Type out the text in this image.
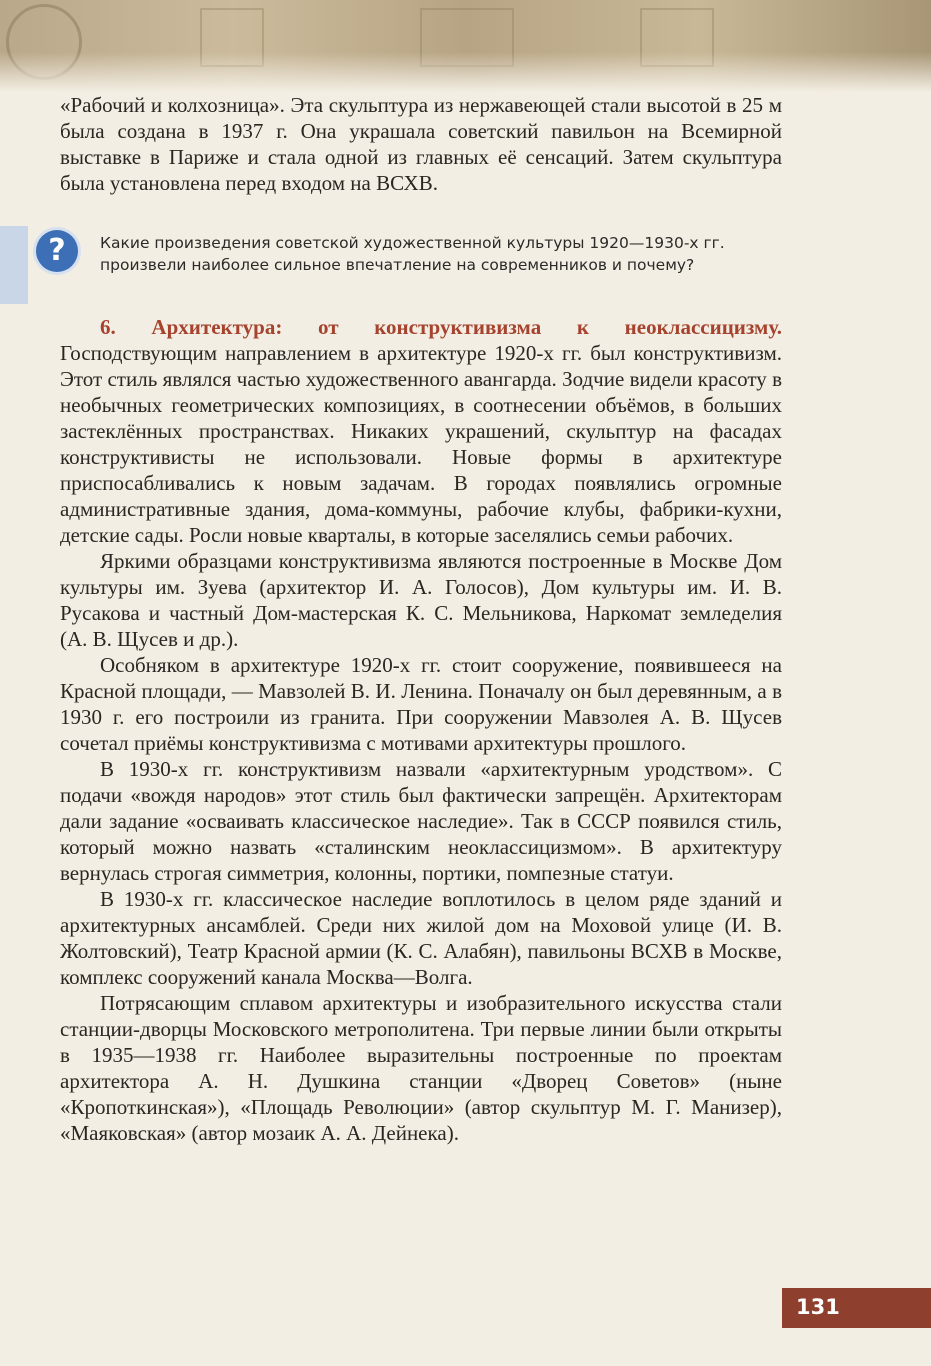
«Рабочий и колхозница». Эта скульптура из нержавеющей стали высотой в 25 м была создана в 1937 г. Она украшала советский павильон на Всемирной выставке в Париже и стала одной из главных её сенсаций. Затем скульптура была установлена перед входом на ВСХВ.

?	Какие произведения советской художественной культуры 1920—1930-х гг. произвели наиболее сильное впечатление на современников и почему?

6. Архитектура: от конструктивизма к неоклассицизму. Господствующим направлением в архитектуре 1920-х гг. был конструктивизм. Этот стиль являлся частью художественного авангарда. Зодчие видели красоту в необычных геометрических композициях, в соотнесении объёмов, в больших застеклённых пространствах. Никаких украшений, скульптур на фасадах конструктивисты не использовали. Новые формы в архитектуре приспосабливались к новым задачам. В городах появлялись огромные административные здания, дома-коммуны, рабочие клубы, фабрики-кухни, детские сады. Росли новые кварталы, в которые заселялись семьи рабочих.

Яркими образцами конструктивизма являются построенные в Москве Дом культуры им. Зуева (архитектор И. А. Голосов), Дом культуры им. И. В. Русакова и частный Дом-мастерская К. С. Мельникова, Наркомат земледелия (А. В. Щусев и др.).

Особняком в архитектуре 1920-х гг. стоит сооружение, появившееся на Красной площади, — Мавзолей В. И. Ленина. Поначалу он был деревянным, а в 1930 г. его построили из гранита. При сооружении Мавзолея А. В. Щусев сочетал приёмы конструктивизма с мотивами архитектуры прошлого.

В 1930-х гг. конструктивизм назвали «архитектурным уродством». С подачи «вождя народов» этот стиль был фактически запрещён. Архитекторам дали задание «осваивать классическое наследие». Так в СССР появился стиль, который можно назвать «сталинским неоклассицизмом». В архитектуру вернулась строгая симметрия, колонны, портики, помпезные статуи.

В 1930-х гг. классическое наследие воплотилось в целом ряде зданий и архитектурных ансамблей. Среди них жилой дом на Моховой улице (И. В. Жолтовский), Театр Красной армии (К. С. Алабян), павильоны ВСХВ в Москве, комплекс сооружений канала Москва—Волга.

Потрясающим сплавом архитектуры и изобразительного искусства стали станции-дворцы Московского метрополитена. Три первые линии были открыты в 1935—1938 гг. Наиболее выразительны построенные по проектам архитектора А. Н. Душкина станции «Дворец Советов» (ныне «Кропоткинская»), «Площадь Революции» (автор скульптур М. Г. Манизер), «Маяковская» (автор мозаик А. А. Дейнека).

131
